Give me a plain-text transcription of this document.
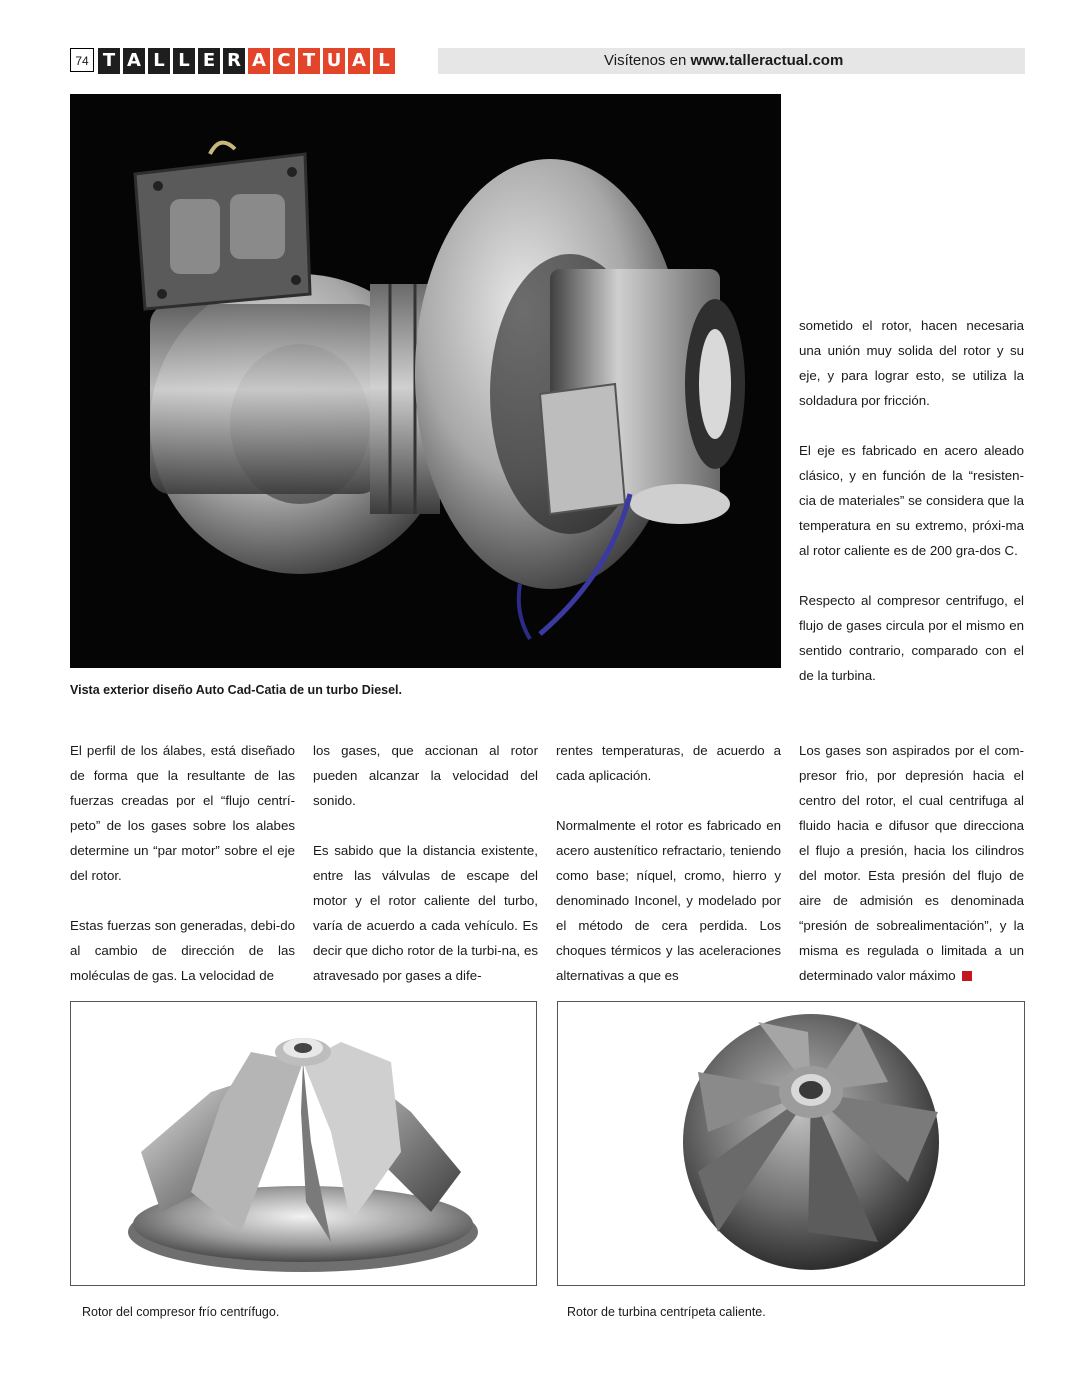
74 T A L L E R A C T U A L	Visítenos en www.talleractual.com
Vista exterior diseño Auto Cad-Catia de un turbo Diesel.

sometido el rotor, hacen necesaria una unión muy solida del rotor y su eje, y para lograr esto, se utiliza la soldadura por fricción.

El eje es fabricado en acero aleado clásico, y en función de la “resisten-cia de materiales” se considera que la temperatura en su extremo, próxi-ma al rotor caliente es de 200 gra-dos C.

Respecto al compresor centrifugo, el flujo de gases circula por el mismo en sentido contrario, comparado con el de la turbina.

El perfil de los álabes, está diseñado de forma que la resultante de las fuerzas creadas por el “flujo centrí-peto” de los gases sobre los alabes determine un “par motor” sobre el eje del rotor.

Estas fuerzas son generadas, debi-do al cambio de dirección de las moléculas de gas. La velocidad de

los gases, que accionan al rotor pueden alcanzar la velocidad del sonido.

Es sabido que la distancia existente, entre las válvulas de escape del motor y el rotor caliente del turbo, varía de acuerdo a cada vehículo. Es decir que dicho rotor de la turbi-na, es atravesado por gases a dife-

rentes temperaturas, de acuerdo a cada aplicación.

Normalmente el rotor es fabricado en acero austenítico refractario, teniendo como base; níquel, cromo, hierro y denominado Inconel, y modelado por el método de cera perdida. Los choques térmicos y las aceleraciones alternativas a que es

Los gases son aspirados por el com-presor frio, por depresión hacia el centro del rotor, el cual centrifuga al fluido hacia e difusor que direcciona el flujo a presión, hacia los cilindros del motor. Esta presión del flujo de aire de admisión es denominada “presión de sobrealimentación”, y la misma es regulada o limitada a un determinado valor máximo

Rotor del compresor frío centrífugo.	Rotor de turbina centrípeta caliente.
